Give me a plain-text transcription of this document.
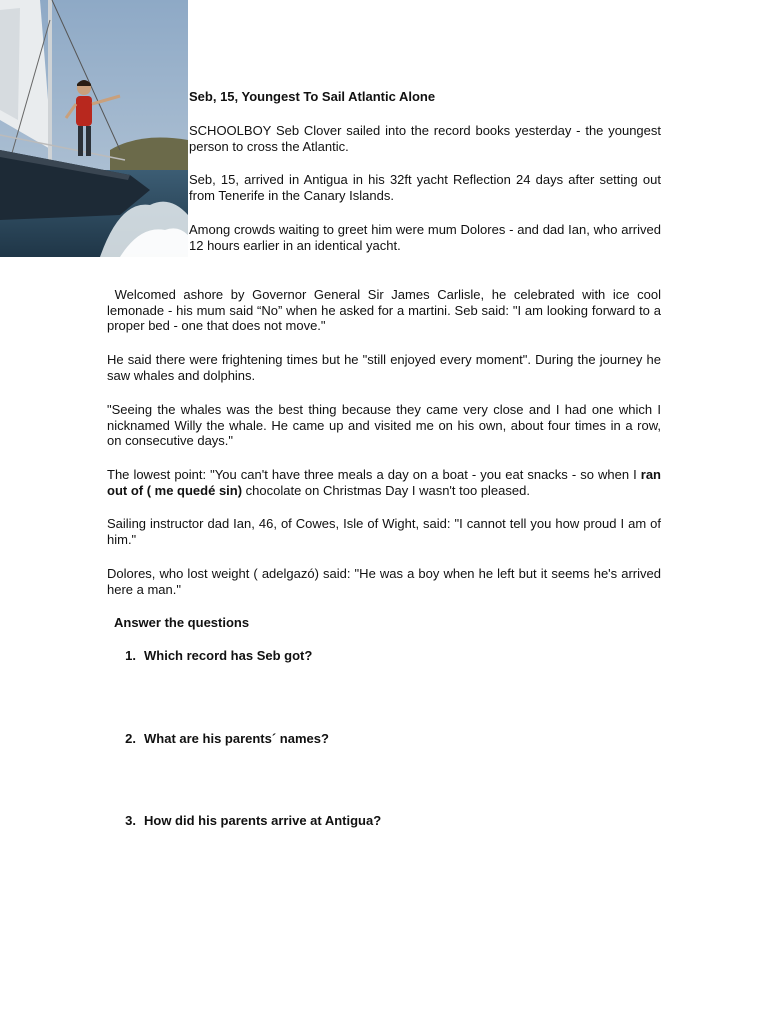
Seb, 15, Youngest To Sail Atlantic Alone

SCHOOLBOY Seb Clover sailed into the record books yesterday - the youngest person to cross the Atlantic.

Seb, 15, arrived in Antigua in his 32ft yacht Reflection 24 days after setting out from Tenerife in the Canary Islands.

Among crowds waiting to greet him were mum Dolores - and dad Ian, who arrived 12 hours earlier in an identical yacht.

Welcomed ashore by Governor General Sir James Carlisle, he celebrated with ice cool lemonade - his mum said “No” when he asked for a martini. Seb said: "I am looking forward to a proper bed - one that does not move."

He said there were frightening times but he "still enjoyed every moment". During the journey he saw whales and dolphins.

"Seeing the whales was the best thing because they came very close and I had one which I nicknamed Willy the whale. He came up and visited me on his own, about four times in a row, on consecutive days."

The lowest point: "You can't have three meals a day on a boat - you eat snacks - so when I ran out of ( me quedé sin) chocolate on Christmas Day I wasn't too pleased.

Sailing instructor dad Ian, 46, of Cowes, Isle of Wight, said: "I cannot tell you how proud I am of him."

Dolores, who lost weight ( adelgazó) said: "He was a boy when he left but it seems he's arrived here a man."

Answer the questions
1. Which record has Seb got?
2. What are his parents´ names?
3. How did his parents arrive at Antigua?
